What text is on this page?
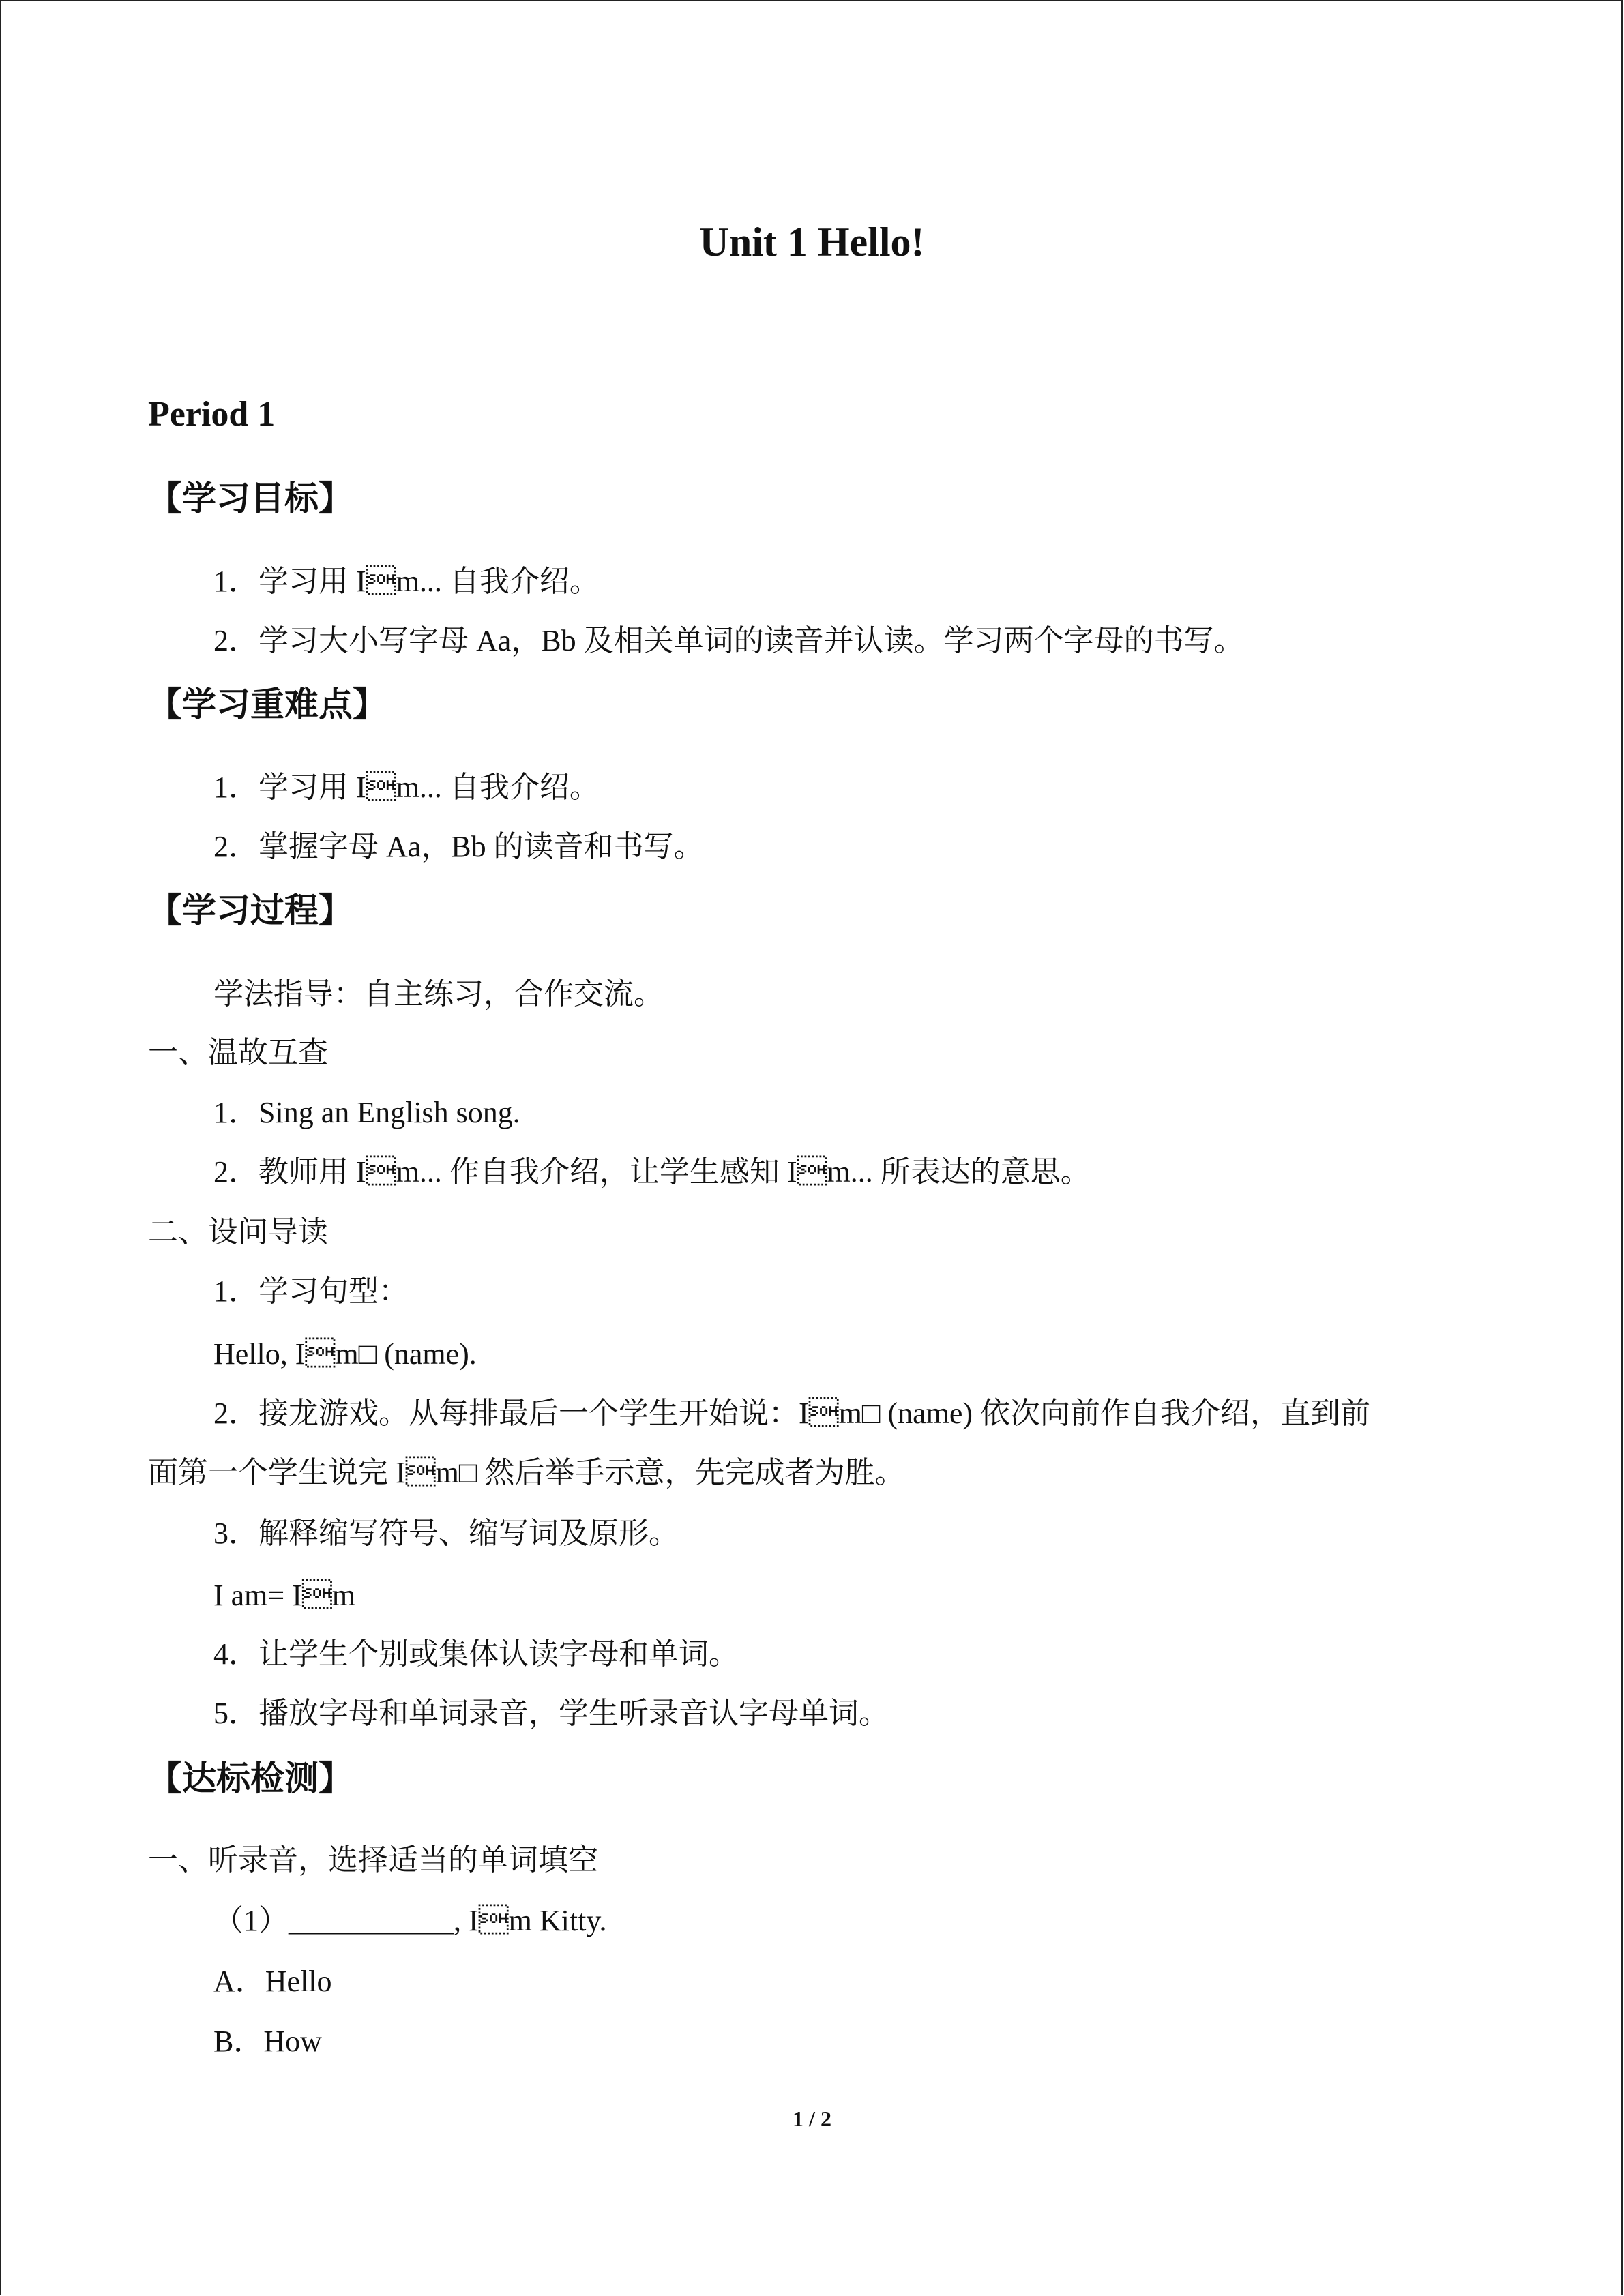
Unit 1 Hello!
Period 1
【学习目标】
1．学习用 Im... 自我介绍。
2．学习大小写字母 Aa，Bb 及相关单词的读音并认读。学习两个字母的书写。
【学习重难点】
1．学习用 Im... 自我介绍。
2．掌握字母 Aa，Bb 的读音和书写。
【学习过程】
学法指导：自主练习，合作交流。
一、温故互查
1．Sing an English song.
2．教师用 Im... 作自我介绍，让学生感知 Im... 所表达的意思。
二、设问导读
1．学习句型：
Hello, Im□ (name).
2．接龙游戏。从每排最后一个学生开始说：Im□ (name) 依次向前作自我介绍，直到前
面第一个学生说完 Im□ 然后举手示意，先完成者为胜。
3．解释缩写符号、缩写词及原形。
I am= Im
4．让学生个别或集体认读字母和单词。
5．播放字母和单词录音，学生听录音认字母单词。
【达标检测】
一、听录音，选择适当的单词填空
（1）___________, Im Kitty.
A．Hello
B．How
1 / 2
